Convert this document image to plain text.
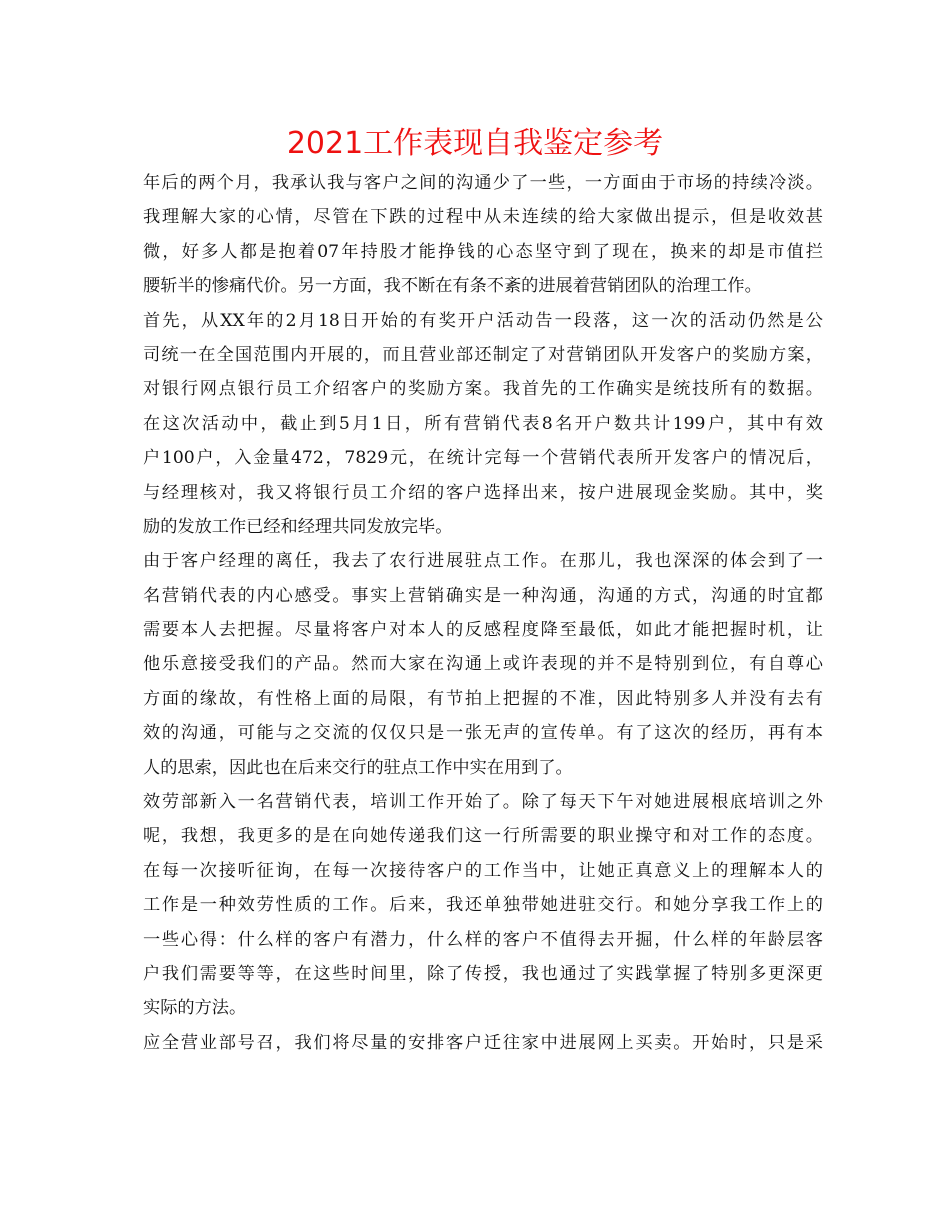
2021工作表现自我鉴定参考
年后的两个月，我承认我与客户之间的沟通少了一些，一方面由于市场的持续冷淡。
我理解大家的心情，尽管在下跌的过程中从未连续的给大家做出提示，但是收效甚
微，好多人都是抱着07年持股才能挣钱的心态坚守到了现在，换来的却是市值拦
腰斩半的惨痛代价。另一方面，我不断在有条不紊的进展着营销团队的治理工作。
首先，从XX年的2月18日开始的有奖开户活动告一段落，这一次的活动仍然是公
司统一在全国范围内开展的，而且营业部还制定了对营销团队开发客户的奖励方案，
对银行网点银行员工介绍客户的奖励方案。我首先的工作确实是统技所有的数据。
在这次活动中，截止到5月1日，所有营销代表8名开户数共计199户，其中有效
户100户，入金量472，7829元，在统计完每一个营销代表所开发客户的情况后，
与经理核对，我又将银行员工介绍的客户选择出来，按户进展现金奖励。其中，奖
励的发放工作已经和经理共同发放完毕。
由于客户经理的离任，我去了农行进展驻点工作。在那儿，我也深深的体会到了一
名营销代表的内心感受。事实上营销确实是一种沟通，沟通的方式，沟通的时宜都
需要本人去把握。尽量将客户对本人的反感程度降至最低，如此才能把握时机，让
他乐意接受我们的产品。然而大家在沟通上或许表现的并不是特别到位，有自尊心
方面的缘故，有性格上面的局限，有节拍上把握的不准，因此特别多人并没有去有
效的沟通，可能与之交流的仅仅只是一张无声的宣传单。有了这次的经历，再有本
人的思索，因此也在后来交行的驻点工作中实在用到了。
效劳部新入一名营销代表，培训工作开始了。除了每天下午对她进展根底培训之外
呢，我想，我更多的是在向她传递我们这一行所需要的职业操守和对工作的态度。
在每一次接听征询，在每一次接待客户的工作当中，让她正真意义上的理解本人的
工作是一种效劳性质的工作。后来，我还单独带她进驻交行。和她分享我工作上的
一些心得：什么样的客户有潜力，什么样的客户不值得去开掘，什么样的年龄层客
户我们需要等等，在这些时间里，除了传授，我也通过了实践掌握了特别多更深更
实际的方法。
应全营业部号召，我们将尽量的安排客户迁往家中进展网上买卖。开始时，只是采
